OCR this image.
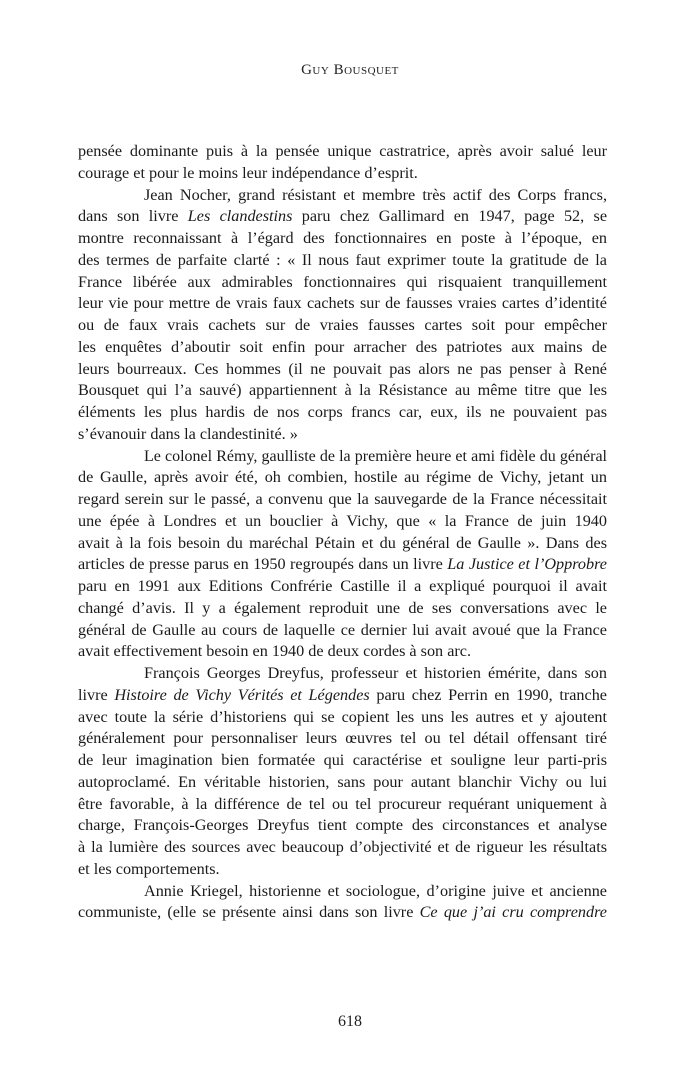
Guy Bousquet
pensée dominante puis à la pensée unique castratrice, après avoir salué leur
courage et pour le moins leur indépendance d’esprit.
Jean Nocher, grand résistant et membre très actif des Corps francs,
dans son livre Les clandestins paru chez Gallimard en 1947, page 52, se
montre reconnaissant à l’égard des fonctionnaires en poste à l’époque, en
des termes de parfaite clarté : « Il nous faut exprimer toute la gratitude de la
France libérée aux admirables fonctionnaires qui risquaient tranquillement
leur vie pour mettre de vrais faux cachets sur de fausses vraies cartes d’identité
ou de faux vrais cachets sur de vraies fausses cartes soit pour empêcher
les enquêtes d’aboutir soit enfin pour arracher des patriotes aux mains de
leurs bourreaux. Ces hommes (il ne pouvait pas alors ne pas penser à René
Bousquet qui l’a sauvé) appartiennent à la Résistance au même titre que les
éléments les plus hardis de nos corps francs car, eux, ils ne pouvaient pas
s’évanouir dans la clandestinité. »
Le colonel Rémy, gaulliste de la première heure et ami fidèle du général
de Gaulle, après avoir été, oh combien, hostile au régime de Vichy, jetant un
regard serein sur le passé, a convenu que la sauvegarde de la France nécessitait
une épée à Londres et un bouclier à Vichy, que « la France de juin 1940
avait à la fois besoin du maréchal Pétain et du général de Gaulle ». Dans des
articles de presse parus en 1950 regroupés dans un livre La Justice et l’Opprobre
paru en 1991 aux Editions Confrérie Castille il a expliqué pourquoi il avait
changé d’avis. Il y a également reproduit une de ses conversations avec le
général de Gaulle au cours de laquelle ce dernier lui avait avoué que la France
avait effectivement besoin en 1940 de deux cordes à son arc.
François Georges Dreyfus, professeur et historien émérite, dans son
livre Histoire de Vichy Vérités et Légendes paru chez Perrin en 1990, tranche
avec toute la série d’historiens qui se copient les uns les autres et y ajoutent
généralement pour personnaliser leurs œuvres tel ou tel détail offensant tiré
de leur imagination bien formatée qui caractérise et souligne leur parti-pris
autoproclamé. En véritable historien, sans pour autant blanchir Vichy ou lui
être favorable, à la différence de tel ou tel procureur requérant uniquement à
charge, François-Georges Dreyfus tient compte des circonstances et analyse
à la lumière des sources avec beaucoup d’objectivité et de rigueur les résultats
et les comportements.
Annie Kriegel, historienne et sociologue, d’origine juive et ancienne
communiste, (elle se présente ainsi dans son livre Ce que j’ai cru comprendre
618
